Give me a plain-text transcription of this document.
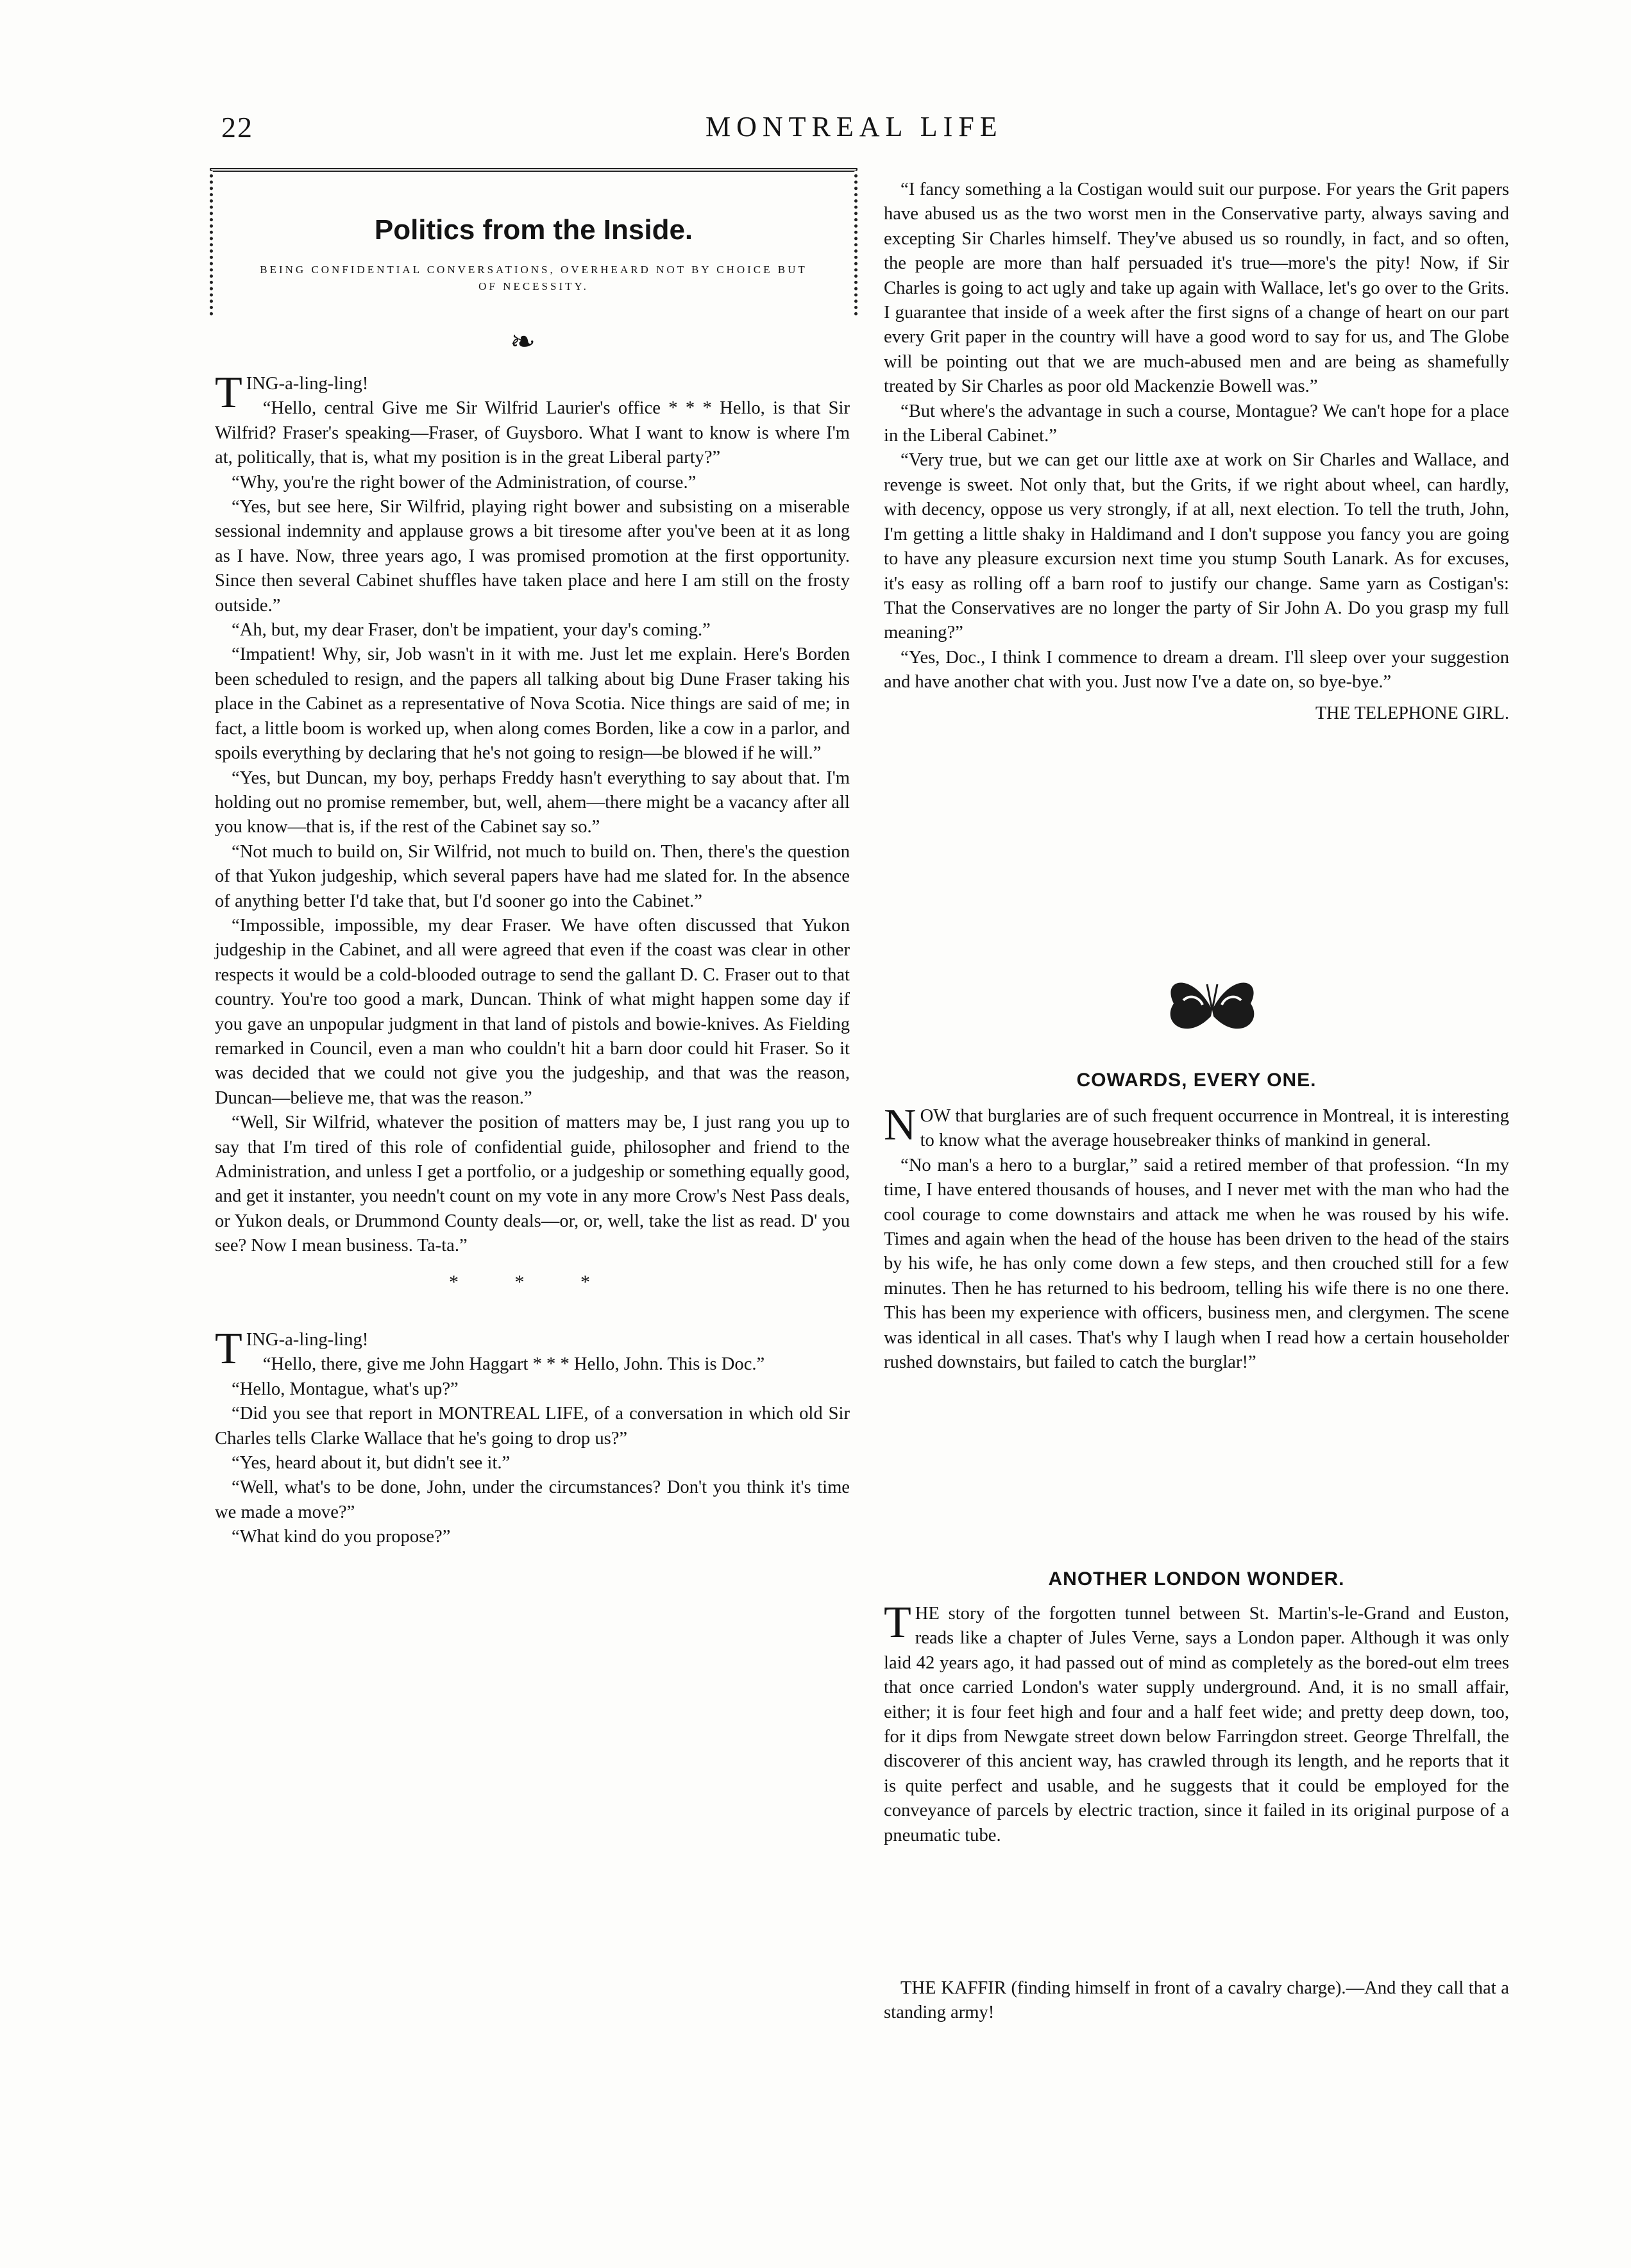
22	MONTREAL LIFE
Politics from the Inside.
BEING CONFIDENTIAL CONVERSATIONS, OVERHEARD NOT BY CHOICE BUT OF NECESSITY.
❧

TING-a-ling-ling!

“Hello, central Give me Sir Wilfrid Laurier's office * * * Hello, is that Sir Wilfrid? Fraser's speaking—Fraser, of Guysboro. What I want to know is where I'm at, politically, that is, what my position is in the great Liberal party?”

“Why, you're the right bower of the Administration, of course.”

“Yes, but see here, Sir Wilfrid, playing right bower and subsisting on a miserable sessional indemnity and applause grows a bit tiresome after you've been at it as long as I have. Now, three years ago, I was promised promotion at the first opportunity. Since then several Cabinet shuffles have taken place and here I am still on the frosty outside.”

“Ah, but, my dear Fraser, don't be impatient, your day's coming.”

“Impatient! Why, sir, Job wasn't in it with me. Just let me explain. Here's Borden been scheduled to resign, and the papers all talking about big Dune Fraser taking his place in the Cabinet as a representative of Nova Scotia. Nice things are said of me; in fact, a little boom is worked up, when along comes Borden, like a cow in a parlor, and spoils everything by declaring that he's not going to resign—be blowed if he will.”

“Yes, but Duncan, my boy, perhaps Freddy hasn't everything to say about that. I'm holding out no promise remember, but, well, ahem—there might be a vacancy after all you know—that is, if the rest of the Cabinet say so.”

“Not much to build on, Sir Wilfrid, not much to build on. Then, there's the question of that Yukon judgeship, which several papers have had me slated for. In the absence of anything better I'd take that, but I'd sooner go into the Cabinet.”

“Impossible, impossible, my dear Fraser. We have often discussed that Yukon judgeship in the Cabinet, and all were agreed that even if the coast was clear in other respects it would be a cold-blooded outrage to send the gallant D. C. Fraser out to that country. You're too good a mark, Duncan. Think of what might happen some day if you gave an unpopular judgment in that land of pistols and bowie-knives. As Fielding remarked in Council, even a man who couldn't hit a barn door could hit Fraser. So it was decided that we could not give you the judgeship, and that was the reason, Duncan—believe me, that was the reason.”

“Well, Sir Wilfrid, whatever the position of matters may be, I just rang you up to say that I'm tired of this role of confidential guide, philosopher and friend to the Administration, and unless I get a portfolio, or a judgeship or something equally good, and get it instanter, you needn't count on my vote in any more Crow's Nest Pass deals, or Yukon deals, or Drummond County deals—or, or, well, take the list as read. D' you see? Now I mean business. Ta-ta.”

* * *

TING-a-ling-ling!

“Hello, there, give me John Haggart * * * Hello, John. This is Doc.”

“Hello, Montague, what's up?”

“Did you see that report in MONTREAL LIFE, of a conversation in which old Sir Charles tells Clarke Wallace that he's going to drop us?”

“Yes, heard about it, but didn't see it.”

“Well, what's to be done, John, under the circumstances? Don't you think it's time we made a move?”

“What kind do you propose?”

“I fancy something a la Costigan would suit our purpose. For years the Grit papers have abused us as the two worst men in the Conservative party, always saving and excepting Sir Charles himself. They've abused us so roundly, in fact, and so often, the people are more than half persuaded it's true—more's the pity! Now, if Sir Charles is going to act ugly and take up again with Wallace, let's go over to the Grits. I guarantee that inside of a week after the first signs of a change of heart on our part every Grit paper in the country will have a good word to say for us, and The Globe will be pointing out that we are much-abused men and are being as shamefully treated by Sir Charles as poor old Mackenzie Bowell was.”

“But where's the advantage in such a course, Montague? We can't hope for a place in the Liberal Cabinet.”

“Very true, but we can get our little axe at work on Sir Charles and Wallace, and revenge is sweet. Not only that, but the Grits, if we right about wheel, can hardly, with decency, oppose us very strongly, if at all, next election. To tell the truth, John, I'm getting a little shaky in Haldimand and I don't suppose you fancy you are going to have any pleasure excursion next time you stump South Lanark. As for excuses, it's easy as rolling off a barn roof to justify our change. Same yarn as Costigan's: That the Conservatives are no longer the party of Sir John A. Do you grasp my full meaning?”

“Yes, Doc., I think I commence to dream a dream. I'll sleep over your suggestion and have another chat with you. Just now I've a date on, so bye-bye.”

THE TELEPHONE GIRL.
COWARDS, EVERY ONE.

NOW that burglaries are of such frequent occurrence in Montreal, it is interesting to know what the average housebreaker thinks of mankind in general.

“No man's a hero to a burglar,” said a retired member of that profession. “In my time, I have entered thousands of houses, and I never met with the man who had the cool courage to come downstairs and attack me when he was roused by his wife. Times and again when the head of the house has been driven to the head of the stairs by his wife, he has only come down a few steps, and then crouched still for a few minutes. Then he has returned to his bedroom, telling his wife there is no one there. This has been my experience with officers, business men, and clergymen. The scene was identical in all cases. That's why I laugh when I read how a certain householder rushed downstairs, but failed to catch the burglar!”

ANOTHER LONDON WONDER.

THE story of the forgotten tunnel between St. Martin's-le-Grand and Euston, reads like a chapter of Jules Verne, says a London paper. Although it was only laid 42 years ago, it had passed out of mind as completely as the bored-out elm trees that once carried London's water supply underground. And, it is no small affair, either; it is four feet high and four and a half feet wide; and pretty deep down, too, for it dips from Newgate street down below Farringdon street. George Threlfall, the discoverer of this ancient way, has crawled through its length, and he reports that it is quite perfect and usable, and he suggests that it could be employed for the conveyance of parcels by electric traction, since it failed in its original purpose of a pneumatic tube.

THE KAFFIR (finding himself in front of a cavalry charge).—And they call that a standing army!
